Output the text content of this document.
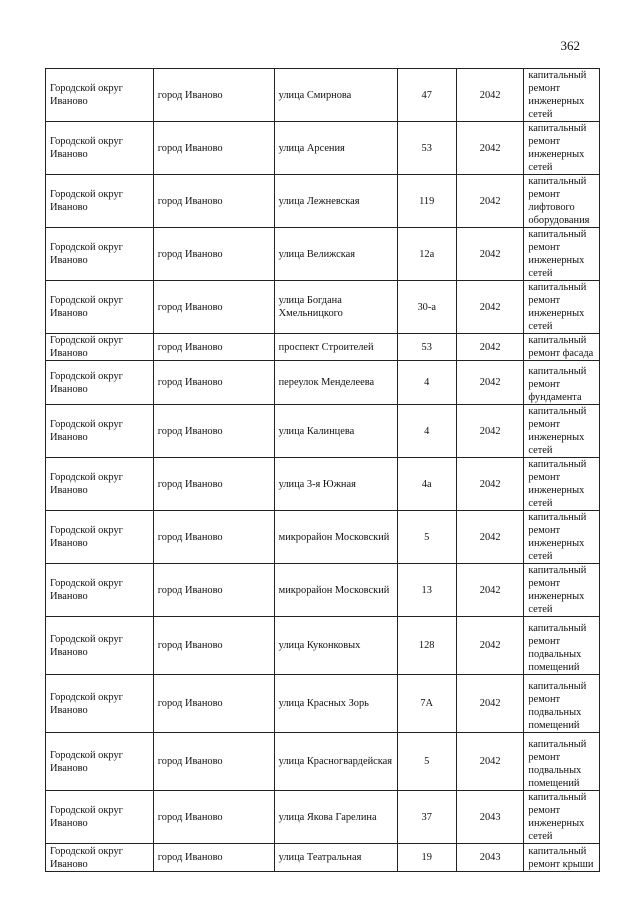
362
Городской округ Иваново	город Иваново	улица Смирнова	47	2042	капитальный ремонт инженерных сетей
Городской округ Иваново	город Иваново	улица Арсения	53	2042	капитальный ремонт инженерных сетей
Городской округ Иваново	город Иваново	улица Лежневская	119	2042	капитальный ремонт лифтового оборудования
Городской округ Иваново	город Иваново	улица Велижская	12а	2042	капитальный ремонт инженерных сетей
Городской округ Иваново	город Иваново	улица Богдана Хмельницкого	30-а	2042	капитальный ремонт инженерных сетей
Городской округ Иваново	город Иваново	проспект Строителей	53	2042	капитальный ремонт фасада
Городской округ Иваново	город Иваново	переулок Менделеева	4	2042	капитальный ремонт фундамента
Городской округ Иваново	город Иваново	улица Калинцева	4	2042	капитальный ремонт инженерных сетей
Городской округ Иваново	город Иваново	улица 3-я Южная	4а	2042	капитальный ремонт инженерных сетей
Городской округ Иваново	город Иваново	микрорайон Московский	5	2042	капитальный ремонт инженерных сетей
Городской округ Иваново	город Иваново	микрорайон Московский	13	2042	капитальный ремонт инженерных сетей
Городской округ Иваново	город Иваново	улица Куконковых	128	2042	капитальный ремонт подвальных помещений
Городской округ Иваново	город Иваново	улица Красных Зорь	7А	2042	капитальный ремонт подвальных помещений
Городской округ Иваново	город Иваново	улица Красногвардейская	5	2042	капитальный ремонт подвальных помещений
Городской округ Иваново	город Иваново	улица Якова Гарелина	37	2043	капитальный ремонт инженерных сетей
Городской округ Иваново	город Иваново	улица Театральная	19	2043	капитальный ремонт крыши
